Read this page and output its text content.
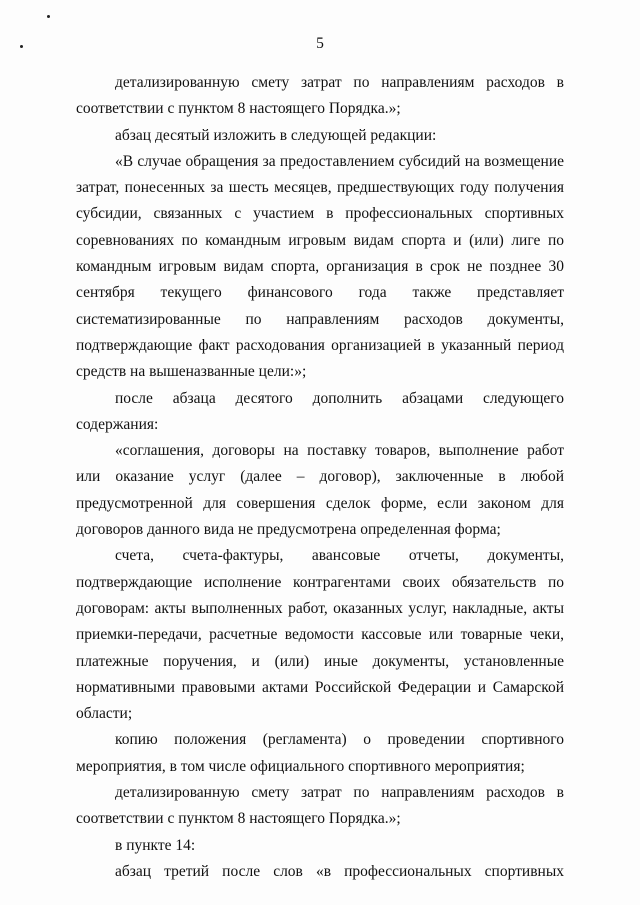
5

детализированную смету затрат по направлениям расходов в соответствии с пунктом 8 настоящего Порядка.»;

абзац десятый изложить в следующей редакции:

«В случае обращения за предоставлением субсидий на возмещение затрат, понесенных за шесть месяцев, предшествующих году получения субсидии, связанных с участием в профессиональных спортивных соревнованиях по командным игровым видам спорта и (или) лиге по командным игровым видам спорта, организация в срок не позднее 30 сентября текущего финансового года также представляет систематизированные по направлениям расходов документы, подтверждающие факт расходования организацией в указанный период средств на вышеназванные цели:»;

после абзаца десятого дополнить абзацами следующего содержания:

«соглашения, договоры на поставку товаров, выполнение работ или оказание услуг (далее – договор), заключенные в любой предусмотренной для совершения сделок форме, если законом для договоров данного вида не предусмотрена определенная форма;

счета, счета-фактуры, авансовые отчеты, документы, подтверждающие исполнение контрагентами своих обязательств по договорам: акты выполненных работ, оказанных услуг, накладные, акты приемки-передачи, расчетные ведомости кассовые или товарные чеки, платежные поручения, и (или) иные документы, установленные нормативными правовыми актами Российской Федерации и Самарской области;

копию положения (регламента) о проведении спортивного мероприятия, в том числе официального спортивного мероприятия;

детализированную смету затрат по направлениям расходов в соответствии с пунктом 8 настоящего Порядка.»;

в пункте 14:

абзац третий после слов «в профессиональных спортивных
